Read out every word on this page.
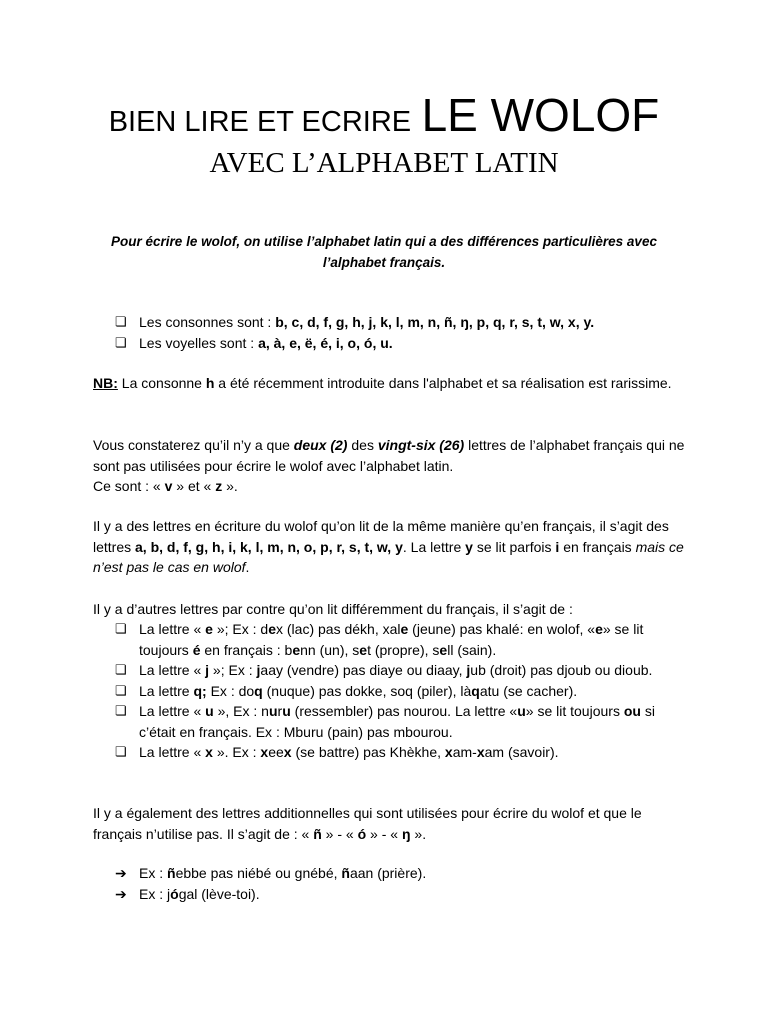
BIEN LIRE ET ECRIRE LE WOLOF
AVEC L’ALPHABET LATIN
Pour écrire le wolof, on utilise l’alphabet latin qui a des différences particulières avec l’alphabet français.
❏ Les consonnes sont : b, c, d, f, g, h, j, k, l, m, n, ñ, ŋ, p, q, r, s, t, w, x, y.
❏ Les voyelles sont : a, à, e, ë, é, i, o, ó, u.
NB: La consonne h a été récemment introduite dans l'alphabet et sa réalisation est rarissime.
Vous constaterez qu’il n’y a que deux (2) des vingt-six (26) lettres de l’alphabet français qui ne sont pas utilisées pour écrire le wolof avec l’alphabet latin.
Ce sont : « v » et « z ».
Il y a des lettres en écriture du wolof qu’on lit de la même manière qu’en français, il s’agit des lettres a, b, d, f, g, h, i, k, l, m, n, o, p, r, s, t, w, y. La lettre y se lit parfois i en français mais ce n’est pas le cas en wolof.
Il y a d’autres lettres par contre qu’on lit différemment du français, il s’agit de :
❏ La lettre « e »; Ex : dex (lac) pas dékh, xale (jeune) pas khalé: en wolof, «e» se lit toujours é en français : benn (un), set (propre), sell (sain).
❏ La lettre « j »; Ex : jaay (vendre) pas diaye ou diaay, jub (droit) pas djoub ou dioub.
❏ La lettre q; Ex : doq (nuque) pas dokke, soq (piler), làqatu (se cacher).
❏ La lettre « u », Ex : nuru (ressembler) pas nourou. La lettre «u» se lit toujours ou si c’était en français. Ex : Mburu (pain) pas mbourou.
❏ La lettre « x ». Ex : xeex (se battre) pas Khèkhe, xam-xam (savoir).
Il y a également des lettres additionnelles qui sont utilisées pour écrire du wolof et que le français n’utilise pas. Il s’agit de : « ñ » - « ó » - « ŋ ».
➔ Ex : ñebbe pas niébé ou gnébé, ñaan (prière).
➔ Ex : jógal (lève-toi).
